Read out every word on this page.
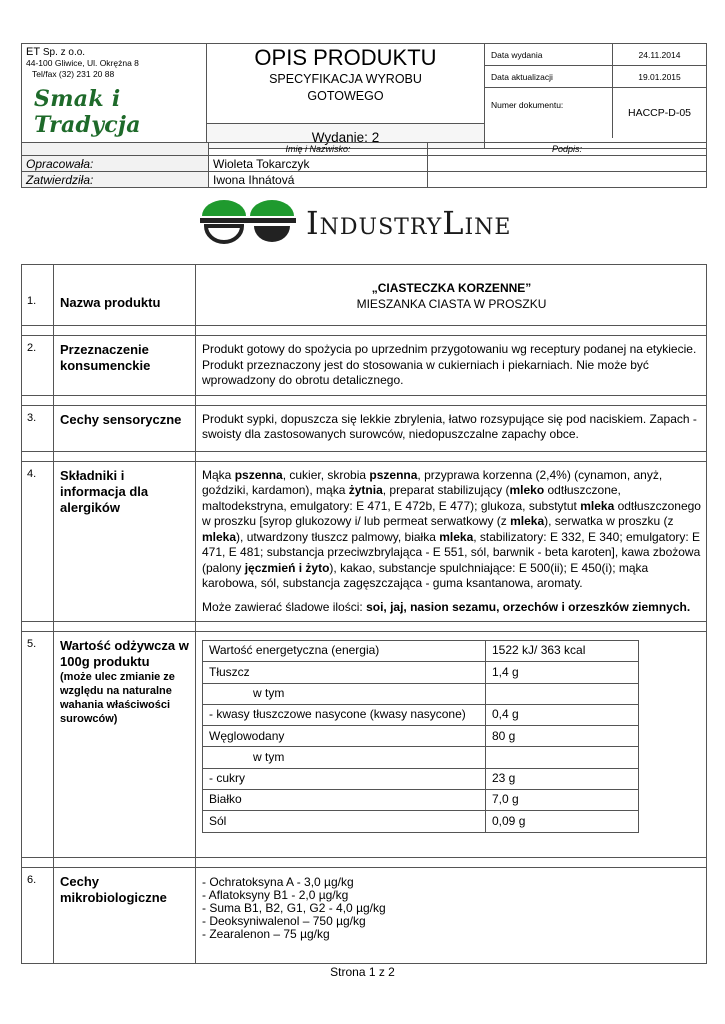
ET Sp. z o.o.
44-100 Gliwice, Ul. Okrężna 8
Tel/fax (32) 231 20 88
Smak i Tradycja

OPIS PRODUKTU
SPECYFIKACJA WYROBU
GOTOWEGO
Wydanie: 2

Data wydania	24.11.2014
Data aktualizacji	19.01.2015
Numer dokumentu:
HACCP-D-05
	Imię i Nazwisko:	Podpis:
Opracowała:	Wioleta Tokarczyk	
Zatwierdziła:	Iwona Ihnátová	
IndustryLine
1.	Nazwa produktu	
„CIASTECZKA KORZENNE”
MIESZANKA CIASTA W PROSZKU

2.	Przeznaczenie konsumenckie	Produkt gotowy do spożycia po uprzednim przygotowaniu wg receptury podanej na etykiecie. Produkt przeznaczony jest do stosowania w cukierniach i piekarniach. Nie może być wprowadzony do obrotu detalicznego.

3.	Cechy sensoryczne	Produkt sypki, dopuszcza się lekkie zbrylenia, łatwo rozsypujące się pod naciskiem. Zapach - swoisty dla zastosowanych surowców, niedopuszczalne zapachy obce.

4.	Składniki i informacja dla alergików	
Mąka pszenna, cukier, skrobia pszenna, przyprawa korzenna (2,4%) (cynamon, anyż, goździki, kardamon), mąka żytnia, preparat stabilizujący (mleko odtłuszczone, maltodekstryna, emulgatory: E 471, E 472b, E 477); glukoza, substytut mleka odtłuszczonego w proszku [syrop glukozowy i/ lub permeat serwatkowy (z mleka), serwatka w proszku (z mleka), utwardzony tłuszcz palmowy, białka mleka, stabilizatory: E 332, E 340; emulgatory: E 471, E 481; substancja przeciwzbrylająca - E 551, sól, barwnik - beta karoten], kawa zbożowa (palony jęczmień i żyto), kakao, substancje spulchniające: E 500(ii); E 450(i); mąka karobowa, sól, substancja zagęszczająca - guma ksantanowa, aromaty.
Może zawierać śladowe ilości: soi, jaj, nasion sezamu, orzechów i orzeszków ziemnych.

5.	Wartość odżywcza w 100g produktu
(może ulec zmianie ze względu na naturalne wahania właściwości surowców)

Wartość energetyczna (energia)	1522 kJ/ 363 kcal
Tłuszcz	1,4 g
w tym	
- kwasy tłuszczowe nasycone (kwasy nasycone)	0,4 g
Węglowodany	80 g
w tym	
- cukry	23 g
Białko	7,0 g
Sól	0,09 g

6.	Cechy mikrobiologiczne	
- Ochratoksyna A - 3,0 µg/kg
- Aflatoksyny B1 - 2,0 µg/kg
- Suma B1, B2, G1, G2 - 4,0 µg/kg
- Deoksyniwalenol – 750 µg/kg
- Zearalenon – 75 µg/kg
Strona 1 z 2
